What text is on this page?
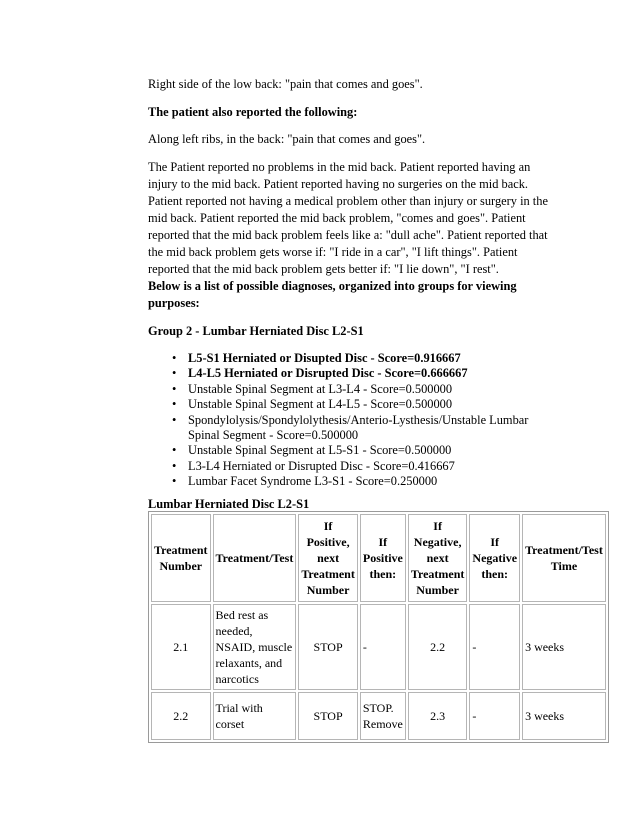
Right side of the low back: "pain that comes and goes".

The patient also reported the following:

Along left ribs, in the back: "pain that comes and goes".

The Patient reported no problems in the mid back. Patient reported having an injury to the mid back. Patient reported having no surgeries on the mid back. Patient reported not having a medical problem other than injury or surgery in the mid back. Patient reported the mid back problem, "comes and goes". Patient reported that the mid back problem feels like a: "dull ache". Patient reported that the mid back problem gets worse if: "I ride in a car", "I lift things". Patient reported that the mid back problem gets better if: "I lie down", "I rest".

Below is a list of possible diagnoses, organized into groups for viewing purposes:

Group 2 - Lumbar Herniated Disc L2-S1

• L5-S1 Herniated or Disupted Disc - Score=0.916667
• L4-L5 Herniated or Disrupted Disc - Score=0.666667
• Unstable Spinal Segment at L3-L4 - Score=0.500000
• Unstable Spinal Segment at L4-L5 - Score=0.500000
• Spondylolysis/Spondylolythesis/Anterio-Lysthesis/Unstable Lumbar Spinal Segment - Score=0.500000
• Unstable Spinal Segment at L5-S1 - Score=0.500000
• L3-L4 Herniated or Disrupted Disc - Score=0.416667
• Lumbar Facet Syndrome L3-S1 - Score=0.250000
Lumbar Herniated Disc L2-S1
Treatment Number	Treatment/Test	If Positive, next Treatment Number	If Positive then:	If Negative, next Treatment Number	If Negative then:	Treatment/Test Time
2.1	Bed rest as needed, NSAID, muscle relaxants, and narcotics	STOP	-	2.2	-	3 weeks
2.2	Trial with corset	STOP	STOP. Remove	2.3	-	3 weeks
